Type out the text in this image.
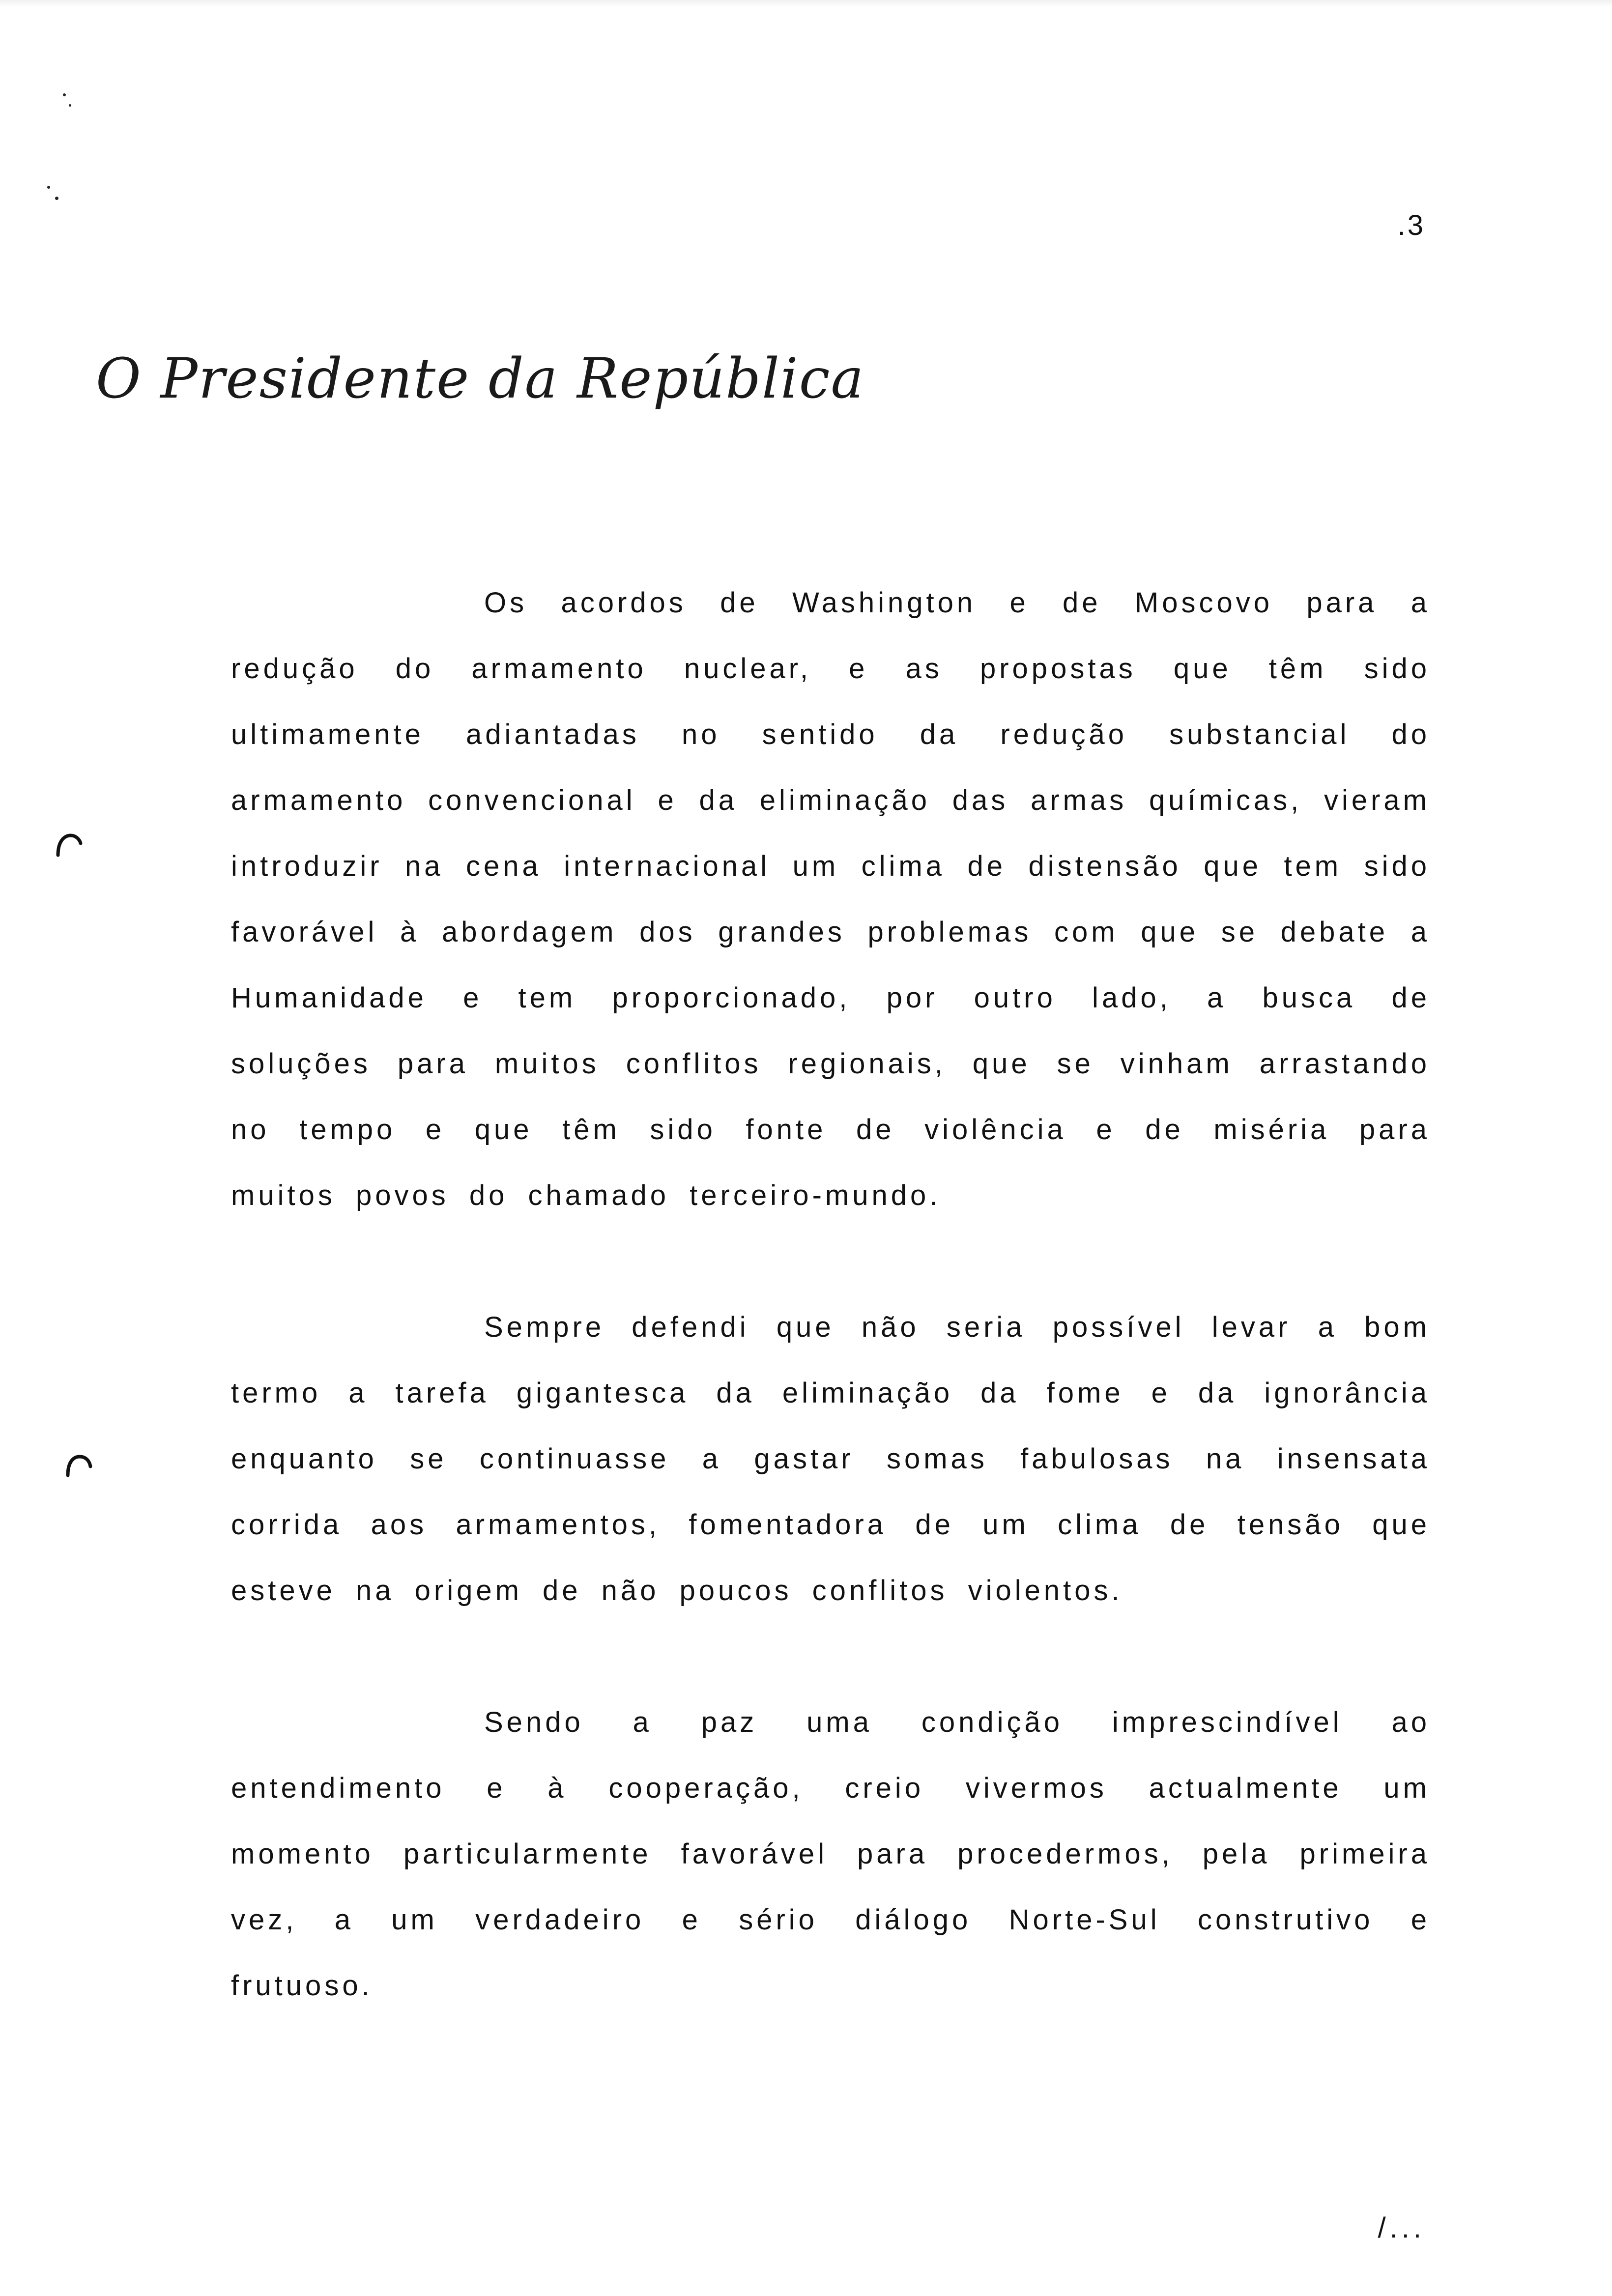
.3
O Presidente da República

Os acordos de Washington e de Moscovo para a redução do armamento nuclear, e as propostas que têm sido ultimamente adiantadas no sentido da redução substancial do armamento convencional e da eliminação das armas químicas, vieram introduzir na cena internacional um clima de distensão que tem sido favorável à abordagem dos grandes problemas com que se debate a Humanidade e tem proporcionado, por outro lado, a busca de soluções para muitos conflitos regionais, que se vinham arrastando no tempo e que têm sido fonte de violência e de miséria para muitos povos do chamado terceiro-mundo.

Sempre defendi que não seria possível levar a bom termo a tarefa gigantesca da eliminação da fome e da ignorância enquanto se continuasse a gastar somas fabulosas na insensata corrida aos armamentos, fomentadora de um clima de tensão que esteve na origem de não poucos conflitos violentos.

Sendo a paz uma condição imprescindível ao entendimento e à cooperação, creio vivermos actualmente um momento particularmente favorável para procedermos, pela primeira vez, a um verdadeiro e sério diálogo Norte-Sul construtivo e frutuoso.

/...
